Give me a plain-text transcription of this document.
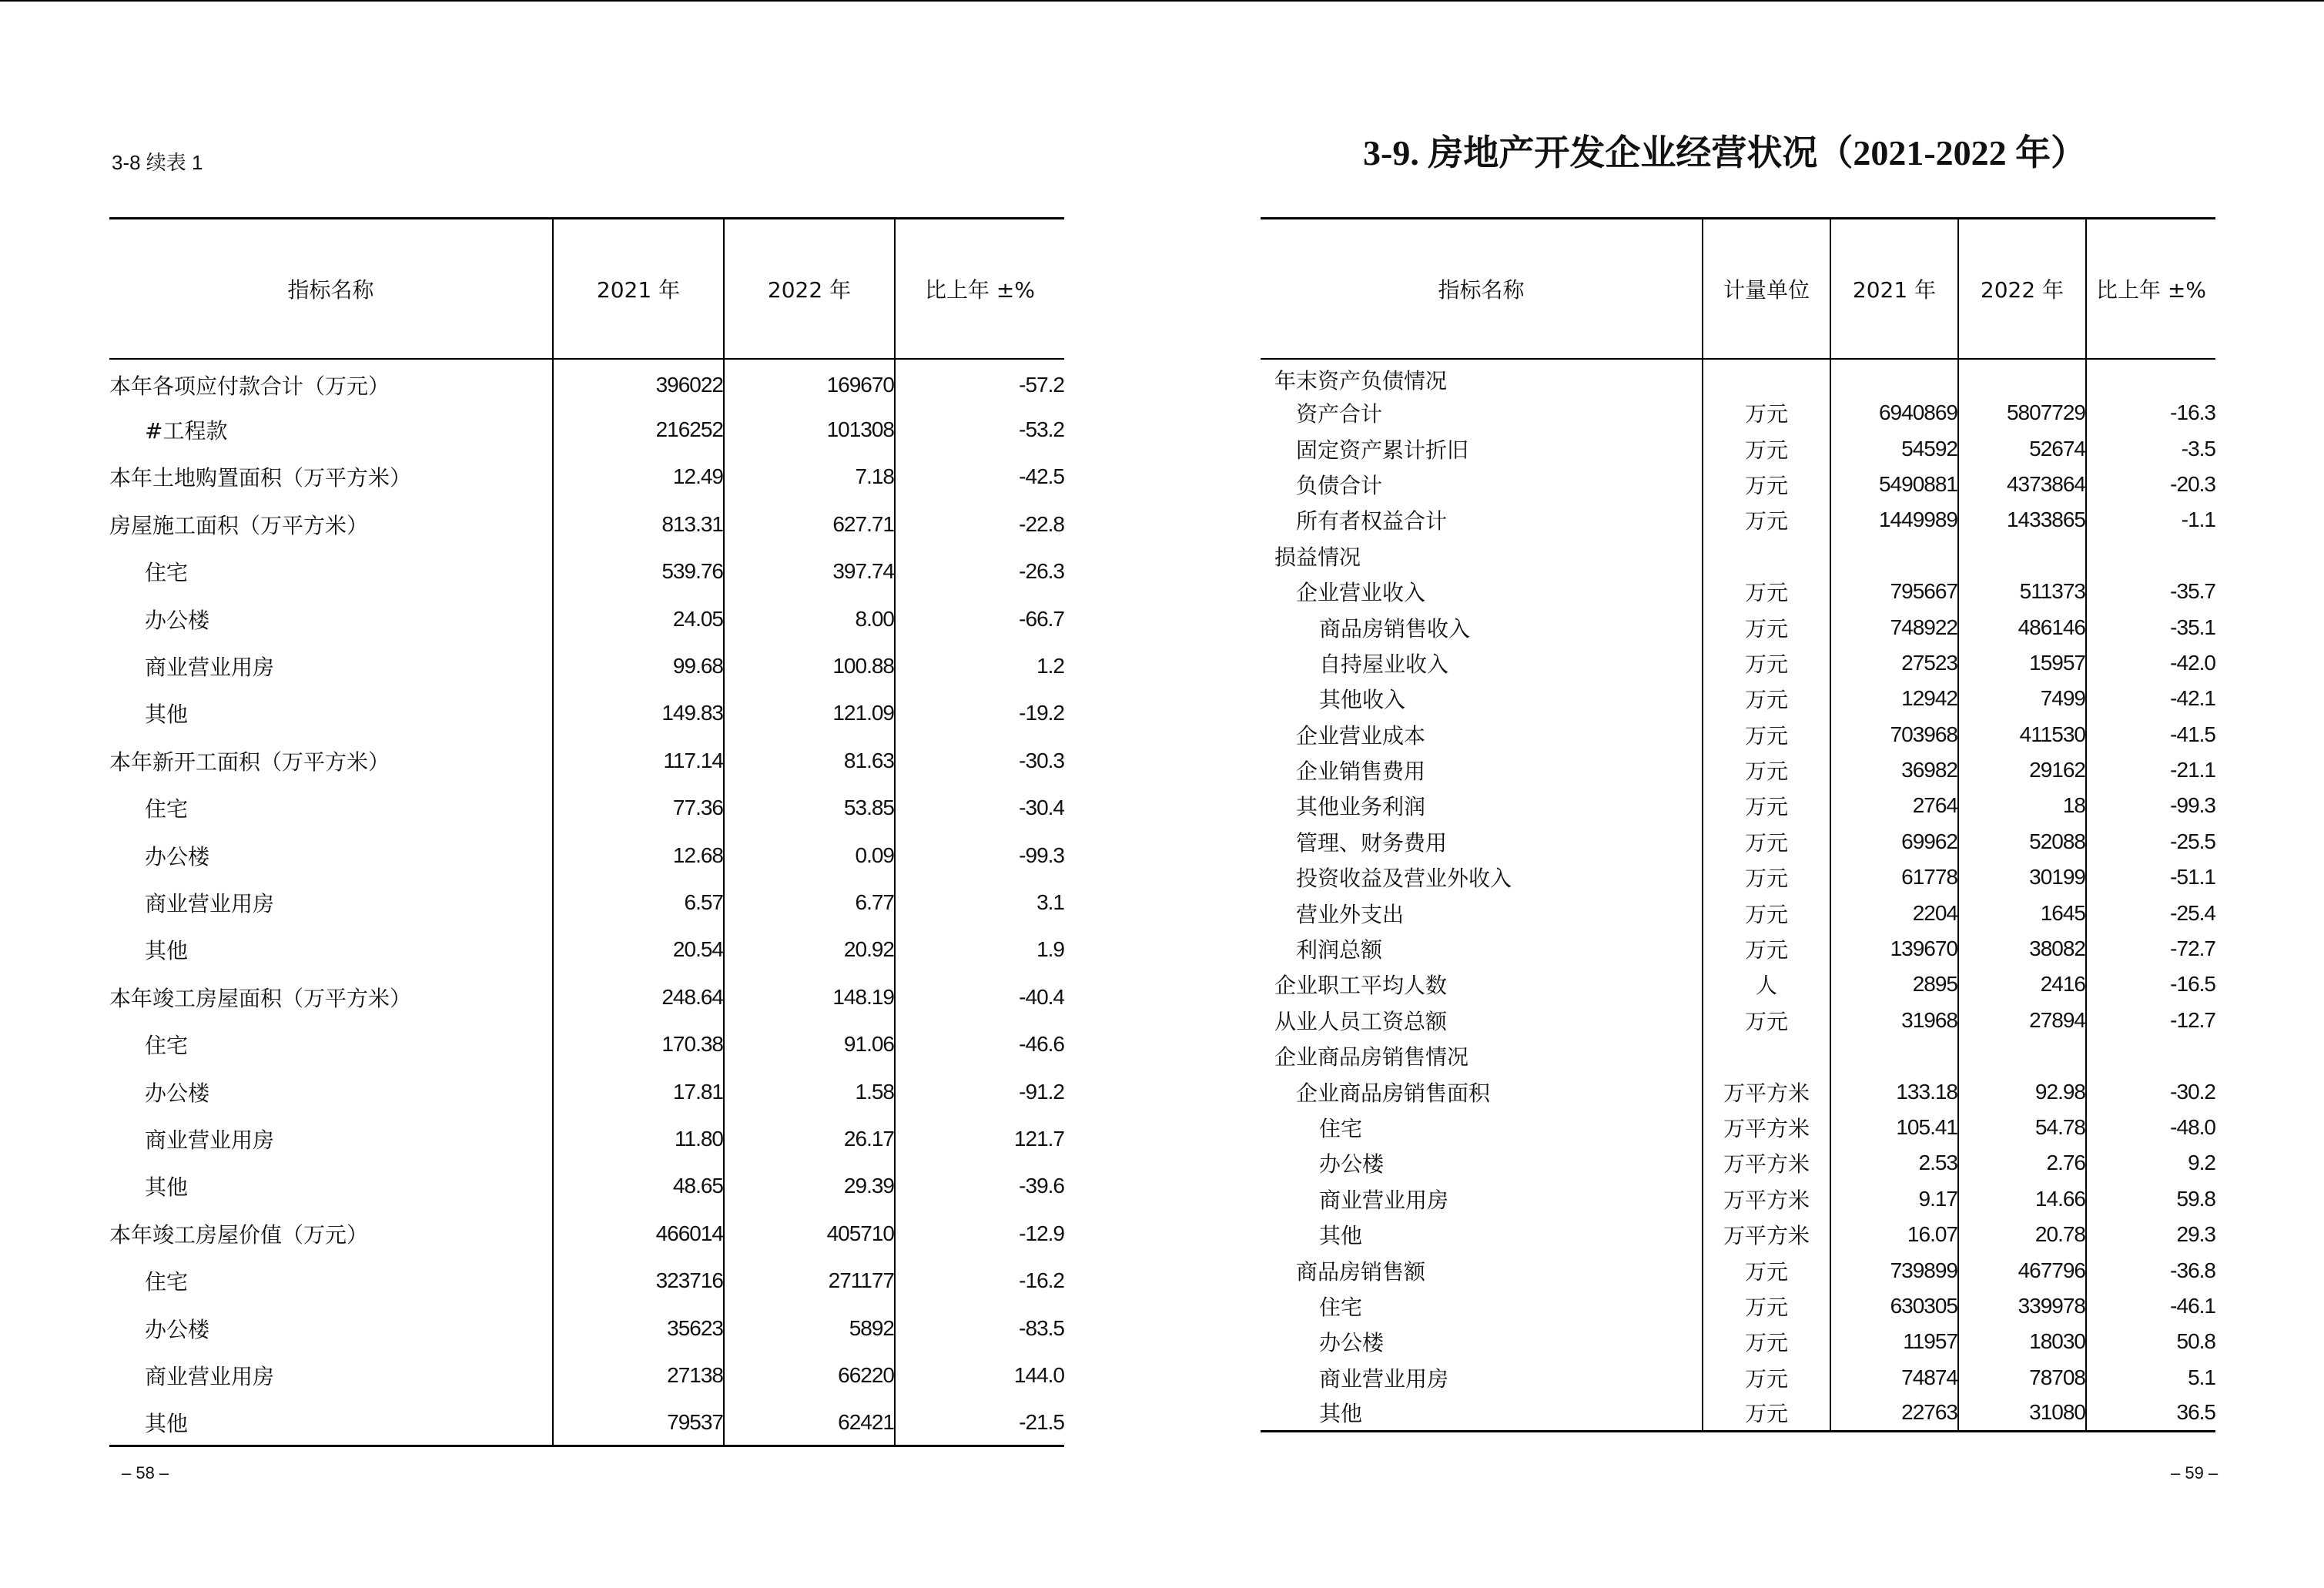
3-8 续表 1
指标名称	2021 年	2022 年	比上年 ±%
本年各项应付款合计（万元）	396022	169670	-57.2
#工程款	216252	101308	-53.2
本年土地购置面积（万平方米）	12.49	7.18	-42.5
房屋施工面积（万平方米）	813.31	627.71	-22.8
住宅	539.76	397.74	-26.3
办公楼	24.05	8.00	-66.7
商业营业用房	99.68	100.88	1.2
其他	149.83	121.09	-19.2
本年新开工面积（万平方米）	117.14	81.63	-30.3
住宅	77.36	53.85	-30.4
办公楼	12.68	0.09	-99.3
商业营业用房	6.57	6.77	3.1
其他	20.54	20.92	1.9
本年竣工房屋面积（万平方米）	248.64	148.19	-40.4
住宅	170.38	91.06	-46.6
办公楼	17.81	1.58	-91.2
商业营业用房	11.80	26.17	121.7
其他	48.65	29.39	-39.6
本年竣工房屋价值（万元）	466014	405710	-12.9
住宅	323716	271177	-16.2
办公楼	35623	5892	-83.5
商业营业用房	27138	66220	144.0
其他	79537	62421	-21.5
– 58 –
3-9. 房地产开发企业经营状况（2021-2022 年）
指标名称	计量单位	2021 年	2022 年	比上年 ±%
年末资产负债情况				
资产合计	万元	6940869	5807729	-16.3
固定资产累计折旧	万元	54592	52674	-3.5
负债合计	万元	5490881	4373864	-20.3
所有者权益合计	万元	1449989	1433865	-1.1
损益情况				
企业营业收入	万元	795667	511373	-35.7
商品房销售收入	万元	748922	486146	-35.1
自持屋业收入	万元	27523	15957	-42.0
其他收入	万元	12942	7499	-42.1
企业营业成本	万元	703968	411530	-41.5
企业销售费用	万元	36982	29162	-21.1
其他业务利润	万元	2764	18	-99.3
管理、财务费用	万元	69962	52088	-25.5
投资收益及营业外收入	万元	61778	30199	-51.1
营业外支出	万元	2204	1645	-25.4
利润总额	万元	139670	38082	-72.7
企业职工平均人数	人	2895	2416	-16.5
从业人员工资总额	万元	31968	27894	-12.7
企业商品房销售情况				
企业商品房销售面积	万平方米	133.18	92.98	-30.2
住宅	万平方米	105.41	54.78	-48.0
办公楼	万平方米	2.53	2.76	9.2
商业营业用房	万平方米	9.17	14.66	59.8
其他	万平方米	16.07	20.78	29.3
商品房销售额	万元	739899	467796	-36.8
住宅	万元	630305	339978	-46.1
办公楼	万元	11957	18030	50.8
商业营业用房	万元	74874	78708	5.1
其他	万元	22763	31080	36.5
– 59 –
